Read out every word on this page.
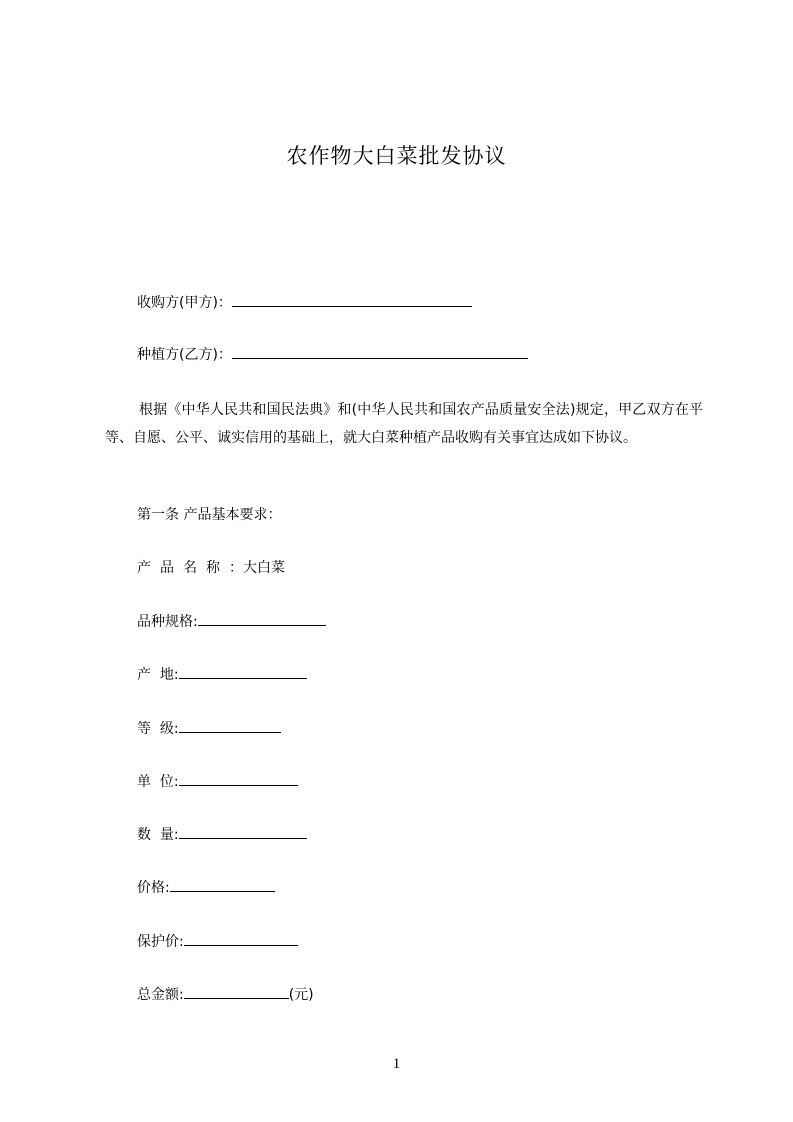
农作物大白菜批发协议
收购方(甲方)：
种植方(乙方)：

根据《中华人民共和国民法典》和(中华人民共和国农产品质量安全法)规定，甲乙双方在平等、自愿、公平、诚实信用的基础上，就大白菜种植产品收购有关事宜达成如下协议。

第一条 产品基本要求：
产品名称：大白菜
品种规格:
产  地:
等  级:
单  位:
数  量:
价格:
保护价:
总金额:	(元)
1
